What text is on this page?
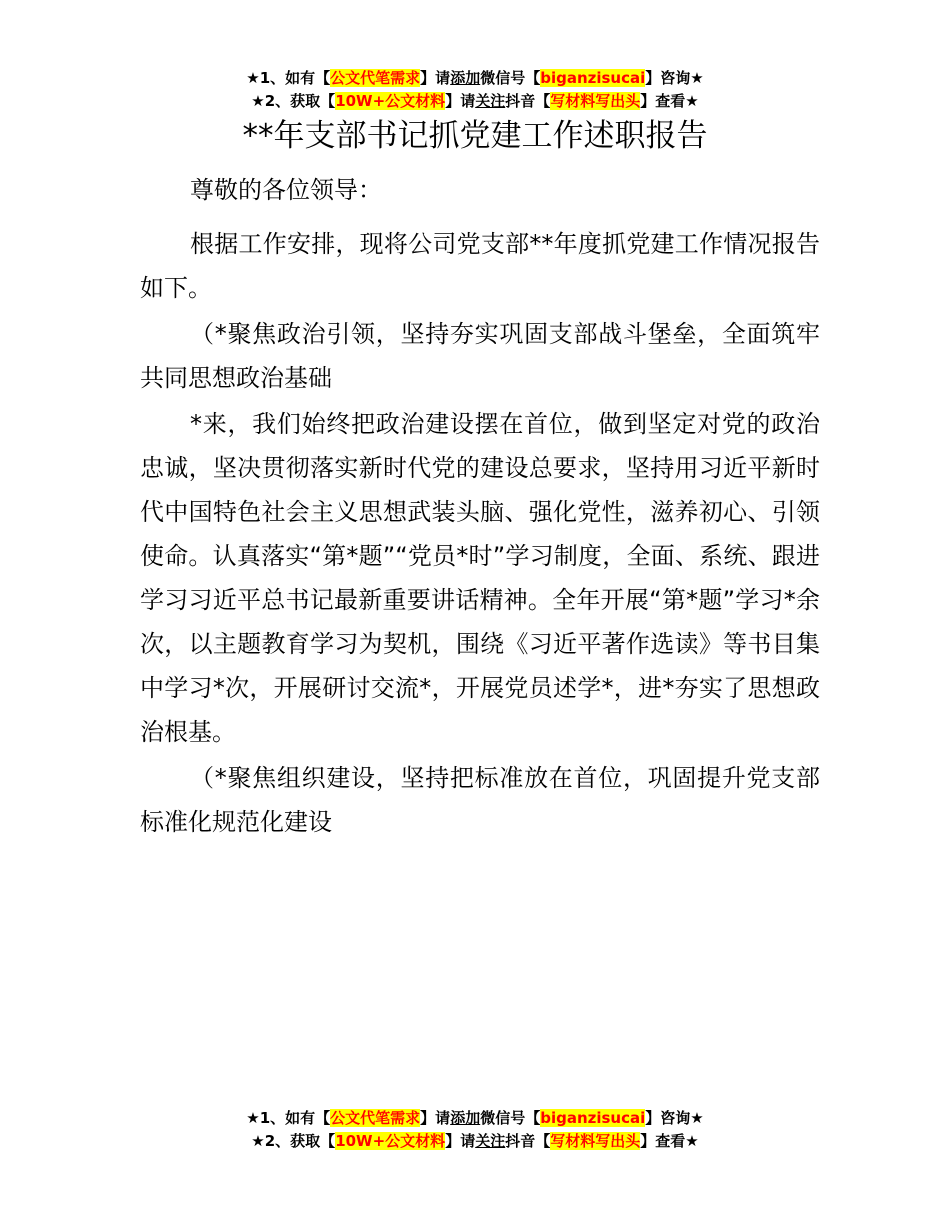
★1、如有【公文代笔需求】请添加微信号【biganzisucai】咨询★
★2、获取【10W+公文材料】请关注抖音【写材料写出头】查看★
**年支部书记抓党建工作述职报告

尊敬的各位领导：

根据工作安排，现将公司党支部**年度抓党建工作情况报告如下。

（*聚焦政治引领，坚持夯实巩固支部战斗堡垒，全面筑牢共同思想政治基础

*来，我们始终把政治建设摆在首位，做到坚定对党的政治忠诚，坚决贯彻落实新时代党的建设总要求，坚持用习近平新时代中国特色社会主义思想武装头脑、强化党性，滋养初心、引领使命。认真落实“第*题”“党员*时”学习制度，全面、系统、跟进学习习近平总书记最新重要讲话精神。全年开展“第*题”学习*余次，以主题教育学习为契机，围绕《习近平著作选读》等书目集中学习*次，开展研讨交流*，开展党员述学*，进*夯实了思想政治根基。

（*聚焦组织建设，坚持把标准放在首位，巩固提升党支部标准化规范化建设

★1、如有【公文代笔需求】请添加微信号【biganzisucai】咨询★
★2、获取【10W+公文材料】请关注抖音【写材料写出头】查看★
